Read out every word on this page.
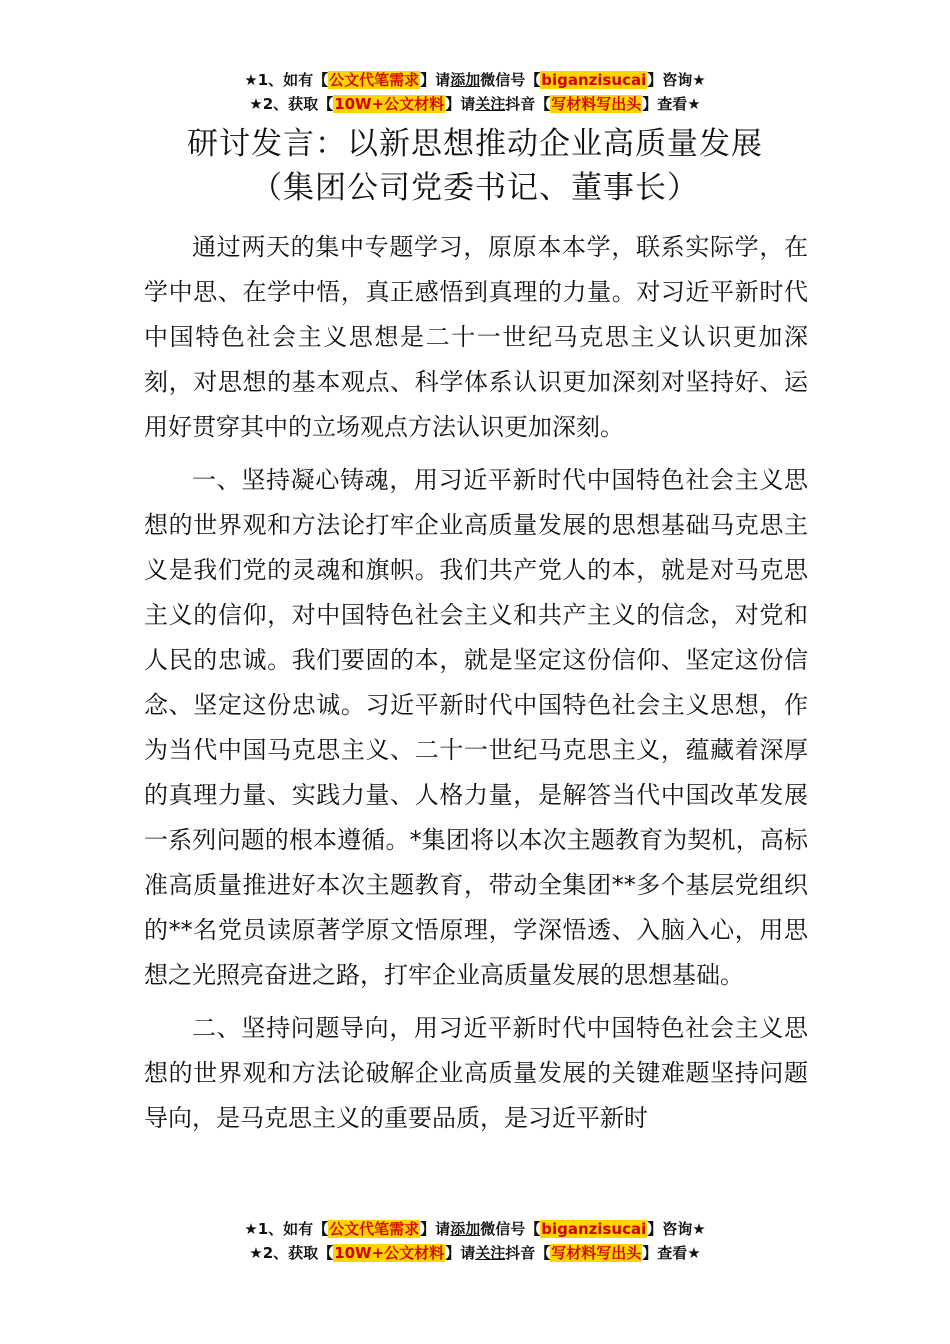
★1、如有【公文代笔需求】请添加微信号【biganzisucai】咨询★
★2、获取【10W+公文材料】请关注抖音【写材料写出头】查看★
研讨发言：以新思想推动企业高质量发展
（集团公司党委书记、董事长）

通过两天的集中专题学习，原原本本学，联系实际学，在学中思、在学中悟，真正感悟到真理的力量。对习近平新时代中国特色社会主义思想是二十一世纪马克思主义认识更加深刻，对思想的基本观点、科学体系认识更加深刻对坚持好、运用好贯穿其中的立场观点方法认识更加深刻。

一、坚持凝心铸魂，用习近平新时代中国特色社会主义思想的世界观和方法论打牢企业高质量发展的思想基础马克思主义是我们党的灵魂和旗帜。我们共产党人的本，就是对马克思主义的信仰，对中国特色社会主义和共产主义的信念，对党和人民的忠诚。我们要固的本，就是坚定这份信仰、坚定这份信念、坚定这份忠诚。习近平新时代中国特色社会主义思想，作为当代中国马克思主义、二十一世纪马克思主义，蕴藏着深厚的真理力量、实践力量、人格力量，是解答当代中国改革发展一系列问题的根本遵循。*集团将以本次主题教育为契机，高标准高质量推进好本次主题教育，带动全集团**多个基层党组织的**名党员读原著学原文悟原理，学深悟透、入脑入心，用思想之光照亮奋进之路，打牢企业高质量发展的思想基础。

二、坚持问题导向，用习近平新时代中国特色社会主义思想的世界观和方法论破解企业高质量发展的关键难题坚持问题导向，是马克思主义的重要品质，是习近平新时

★1、如有【公文代笔需求】请添加微信号【biganzisucai】咨询★
★2、获取【10W+公文材料】请关注抖音【写材料写出头】查看★
